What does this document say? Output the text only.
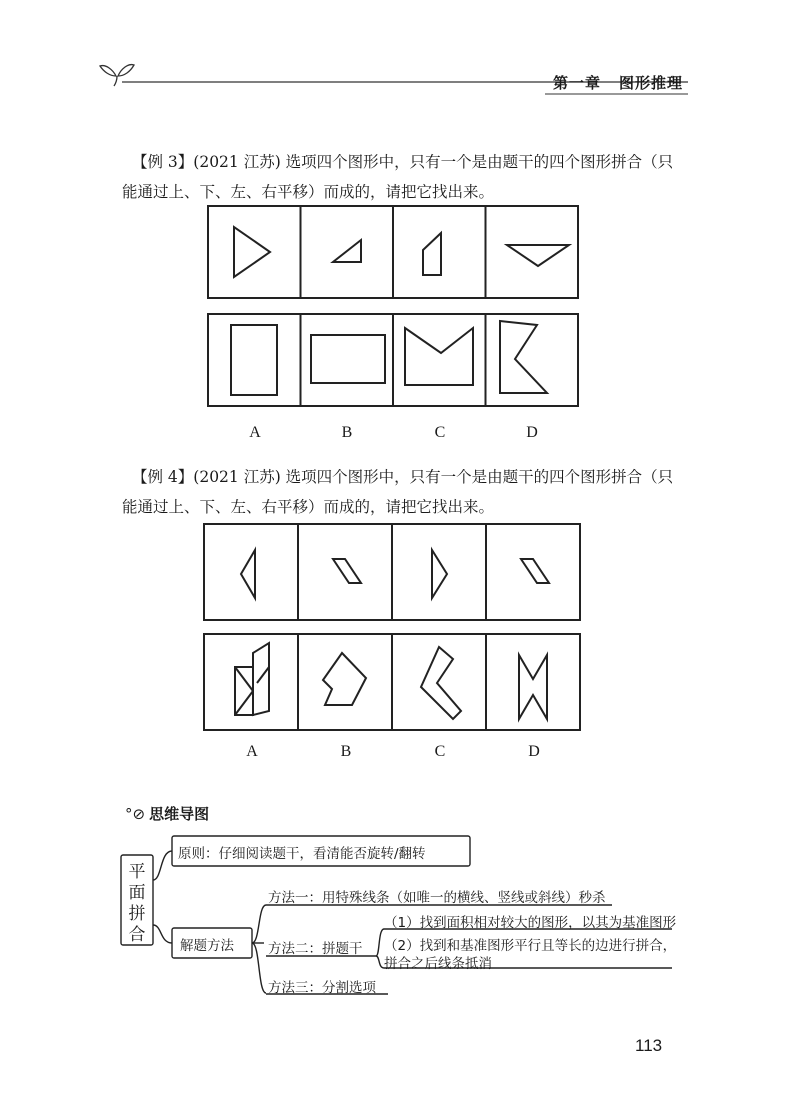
第一章 图形推理
【例 3】(2021 江苏) 选项四个图形中，只有一个是由题干的四个图形拼合（只
能通过上、下、左、右平移）而成的，请把它找出来。
A	B	C	D
【例 4】(2021 江苏) 选项四个图形中，只有一个是由题干的四个图形拼合（只
能通过上、下、左、右平移）而成的，请把它找出来。
A	B	C	D
°⊘ 思维导图
平
面
拼
合
原则：仔细阅读题干，看清能否旋转/翻转
解题方法
方法一：用特殊线条（如唯一的横线、竖线或斜线）秒杀
方法二：拼题干
（1）找到面积相对较大的图形，以其为基准图形
（2）找到和基准图形平行且等长的边进行拼合，
拼合之后线条抵消
方法三：分割选项
113
